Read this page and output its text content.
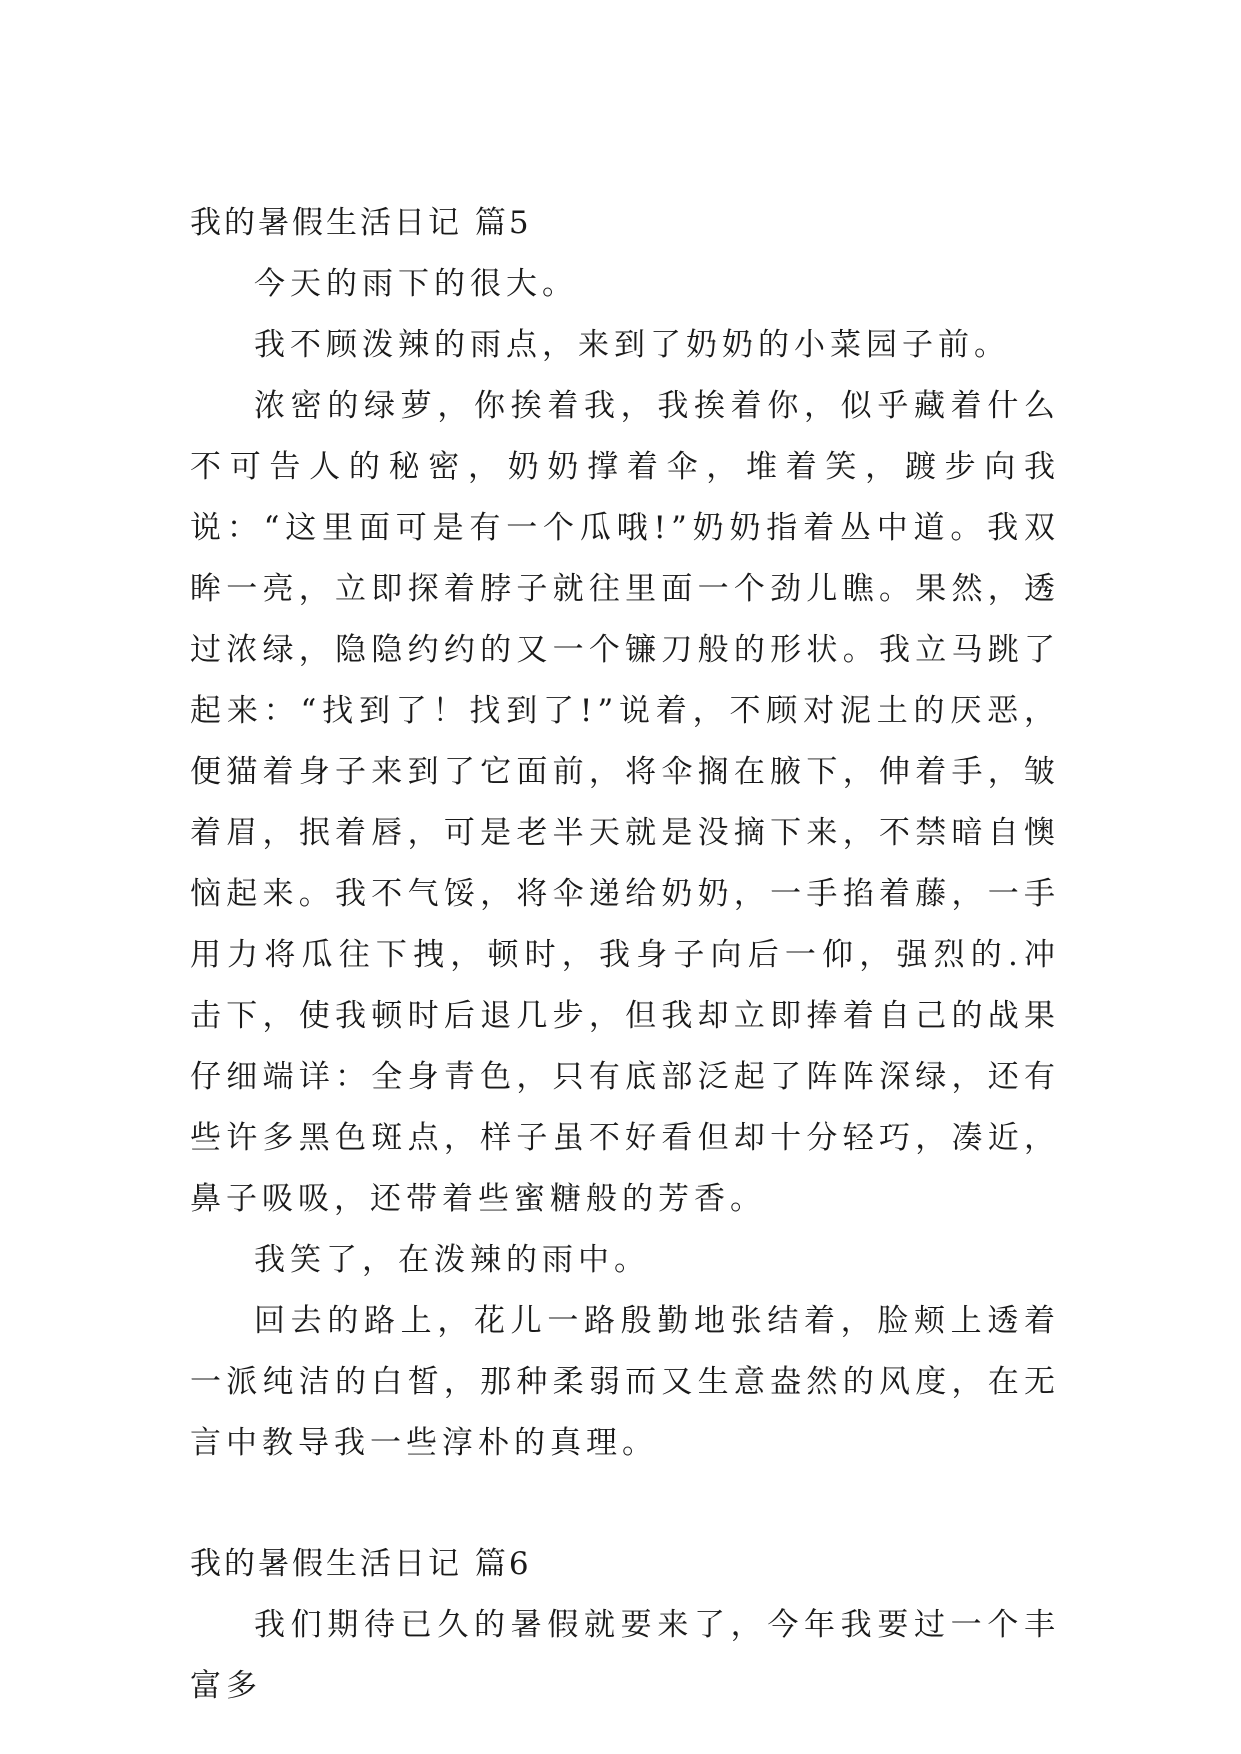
我的暑假生活日记 篇5

今天的雨下的很大。

我不顾泼辣的雨点，来到了奶奶的小菜园子前。

浓密的绿萝，你挨着我，我挨着你，似乎藏着什么不可告人的秘密，奶奶撑着伞，堆着笑，踱步向我说：“这里面可是有一个瓜哦!”奶奶指着丛中道。我双眸一亮，立即探着脖子就往里面一个劲儿瞧。果然，透过浓绿，隐隐约约的又一个镰刀般的形状。我立马跳了起来：“找到了！找到了!”说着，不顾对泥土的厌恶，便猫着身子来到了它面前，将伞搁在腋下，伸着手，皱着眉，抿着唇，可是老半天就是没摘下来，不禁暗自懊恼起来。我不气馁，将伞递给奶奶，一手掐着藤，一手用力将瓜往下拽，顿时，我身子向后一仰，强烈的.冲击下，使我顿时后退几步，但我却立即捧着自己的战果仔细端详：全身青色，只有底部泛起了阵阵深绿，还有些许多黑色斑点，样子虽不好看但却十分轻巧，凑近，鼻子吸吸，还带着些蜜糖般的芳香。

我笑了，在泼辣的雨中。

回去的路上，花儿一路殷勤地张结着，脸颊上透着一派纯洁的白皙，那种柔弱而又生意盎然的风度，在无言中教导我一些淳朴的真理。

我的暑假生活日记 篇6

我们期待已久的暑假就要来了，今年我要过一个丰富多
